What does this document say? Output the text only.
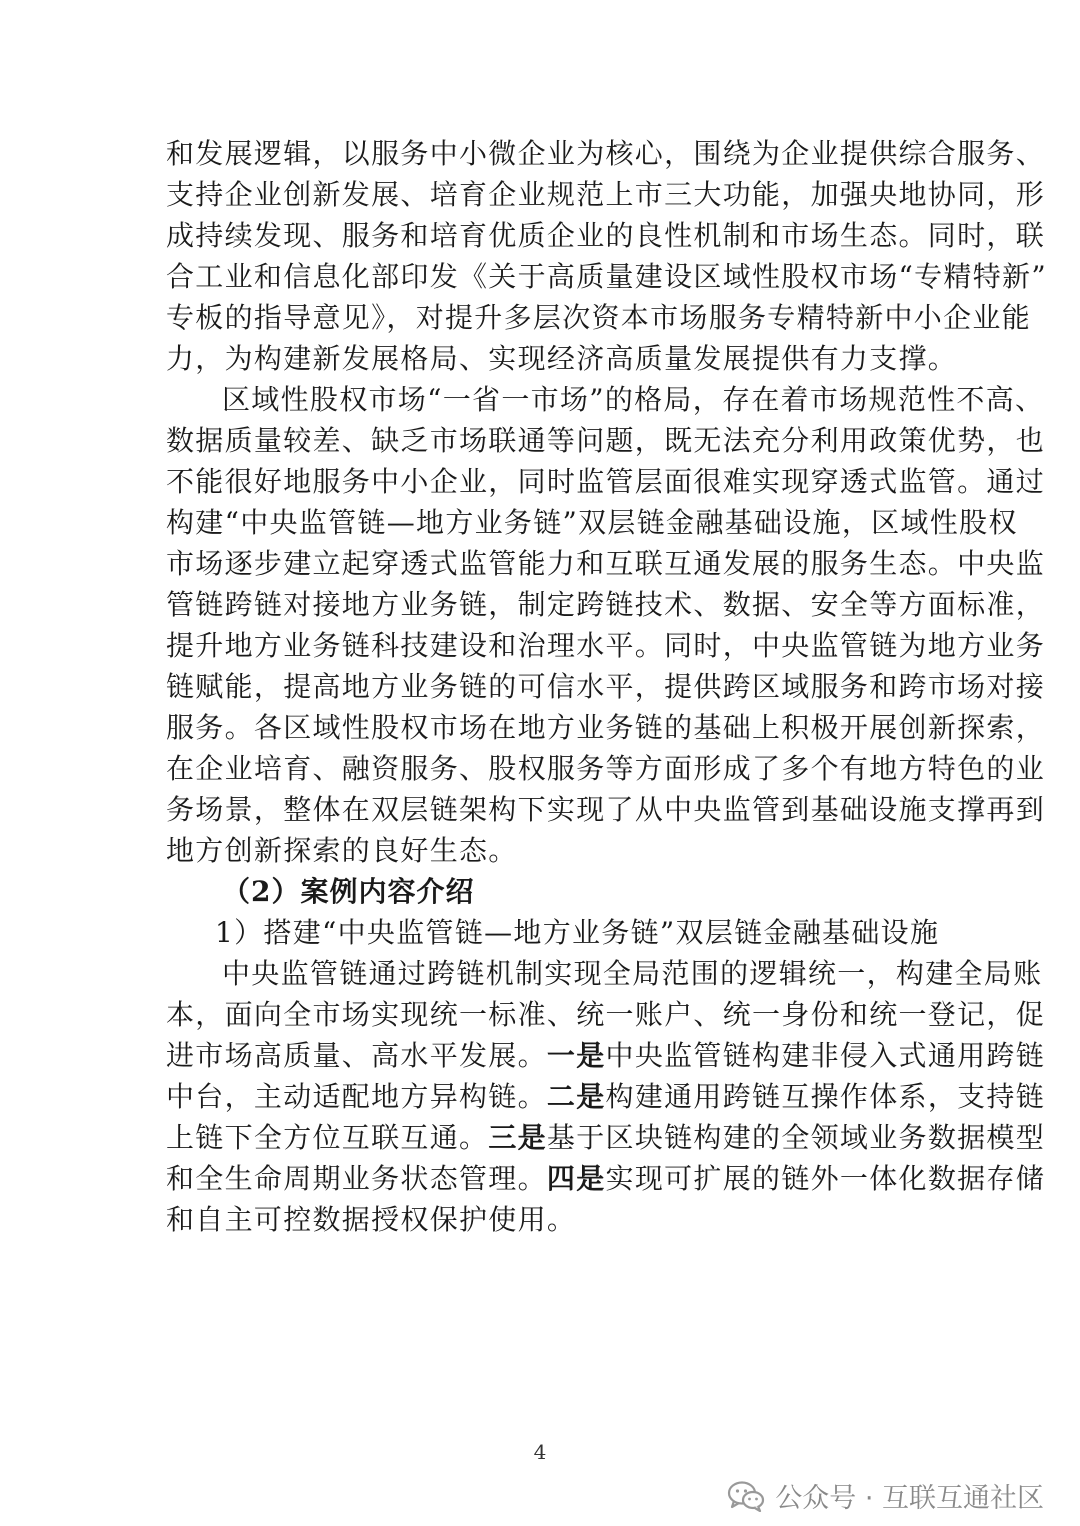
和发展逻辑，以服务中小微企业为核心，围绕为企业提供综合服务、
支持企业创新发展、培育企业规范上市三大功能，加强央地协同，形
成持续发现、服务和培育优质企业的良性机制和市场生态。同时，联
合工业和信息化部印发《关于高质量建设区域性股权市场“专精特新”
专板的指导意见》，对提升多层次资本市场服务专精特新中小企业能
力，为构建新发展格局、实现经济高质量发展提供有力支撑。
区域性股权市场“一省一市场”的格局，存在着市场规范性不高、
数据质量较差、缺乏市场联通等问题，既无法充分利用政策优势，也
不能很好地服务中小企业，同时监管层面很难实现穿透式监管。通过
构建“中央监管链—地方业务链”双层链金融基础设施，区域性股权
市场逐步建立起穿透式监管能力和互联互通发展的服务生态。中央监
管链跨链对接地方业务链，制定跨链技术、数据、安全等方面标准，
提升地方业务链科技建设和治理水平。同时，中央监管链为地方业务
链赋能，提高地方业务链的可信水平，提供跨区域服务和跨市场对接
服务。各区域性股权市场在地方业务链的基础上积极开展创新探索，
在企业培育、融资服务、股权服务等方面形成了多个有地方特色的业
务场景，整体在双层链架构下实现了从中央监管到基础设施支撑再到
地方创新探索的良好生态。
（2）案例内容介绍
1）搭建“中央监管链—地方业务链”双层链金融基础设施
中央监管链通过跨链机制实现全局范围的逻辑统一，构建全局账
本，面向全市场实现统一标准、统一账户、统一身份和统一登记，促
进市场高质量、高水平发展。一是中央监管链构建非侵入式通用跨链
中台，主动适配地方异构链。二是构建通用跨链互操作体系，支持链
上链下全方位互联互通。三是基于区块链构建的全领域业务数据模型
和全生命周期业务状态管理。四是实现可扩展的链外一体化数据存储
和自主可控数据授权保护使用。
4
公众号 · 互联互通社区
